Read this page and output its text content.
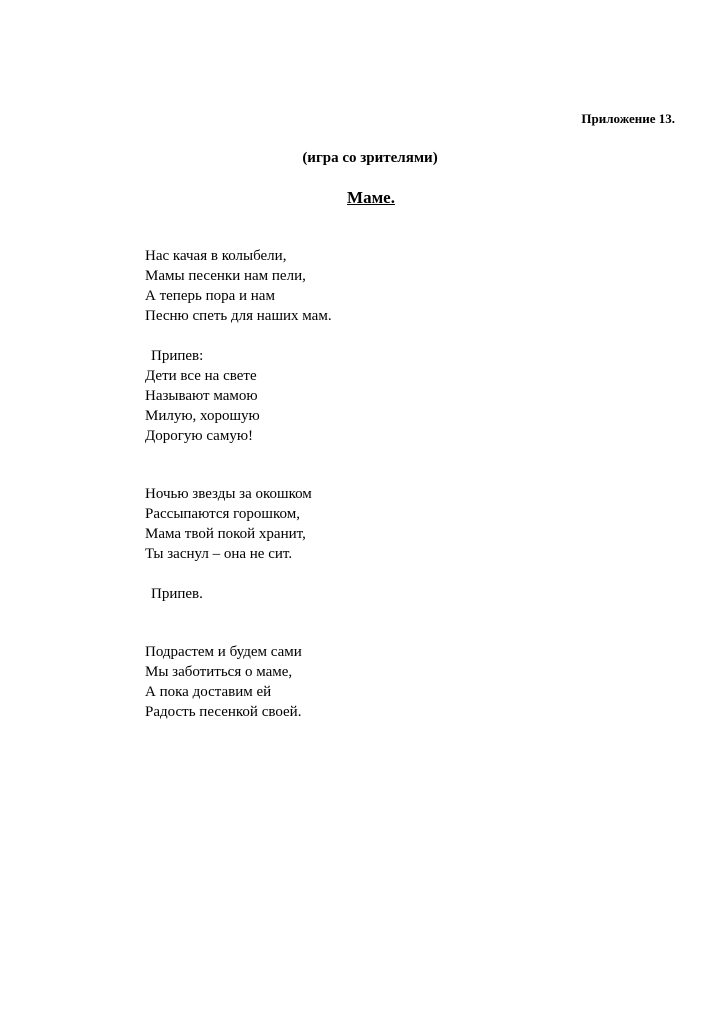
Приложение 13.
(игра со зрителями)
Маме.
Нас качая в колыбели,
Мамы песенки нам пели,
А теперь пора и нам
Песню спеть для наших мам.
Припев:
Дети все на свете
Называют мамою
Милую, хорошую
Дорогую самую!
Ночью звезды за окошком
Рассыпаются горошком,
Мама твой покой хранит,
Ты заснул – она не сит.
Припев.
Подрастем и будем сами
Мы заботиться о маме,
А пока доставим ей
Радость песенкой своей.
